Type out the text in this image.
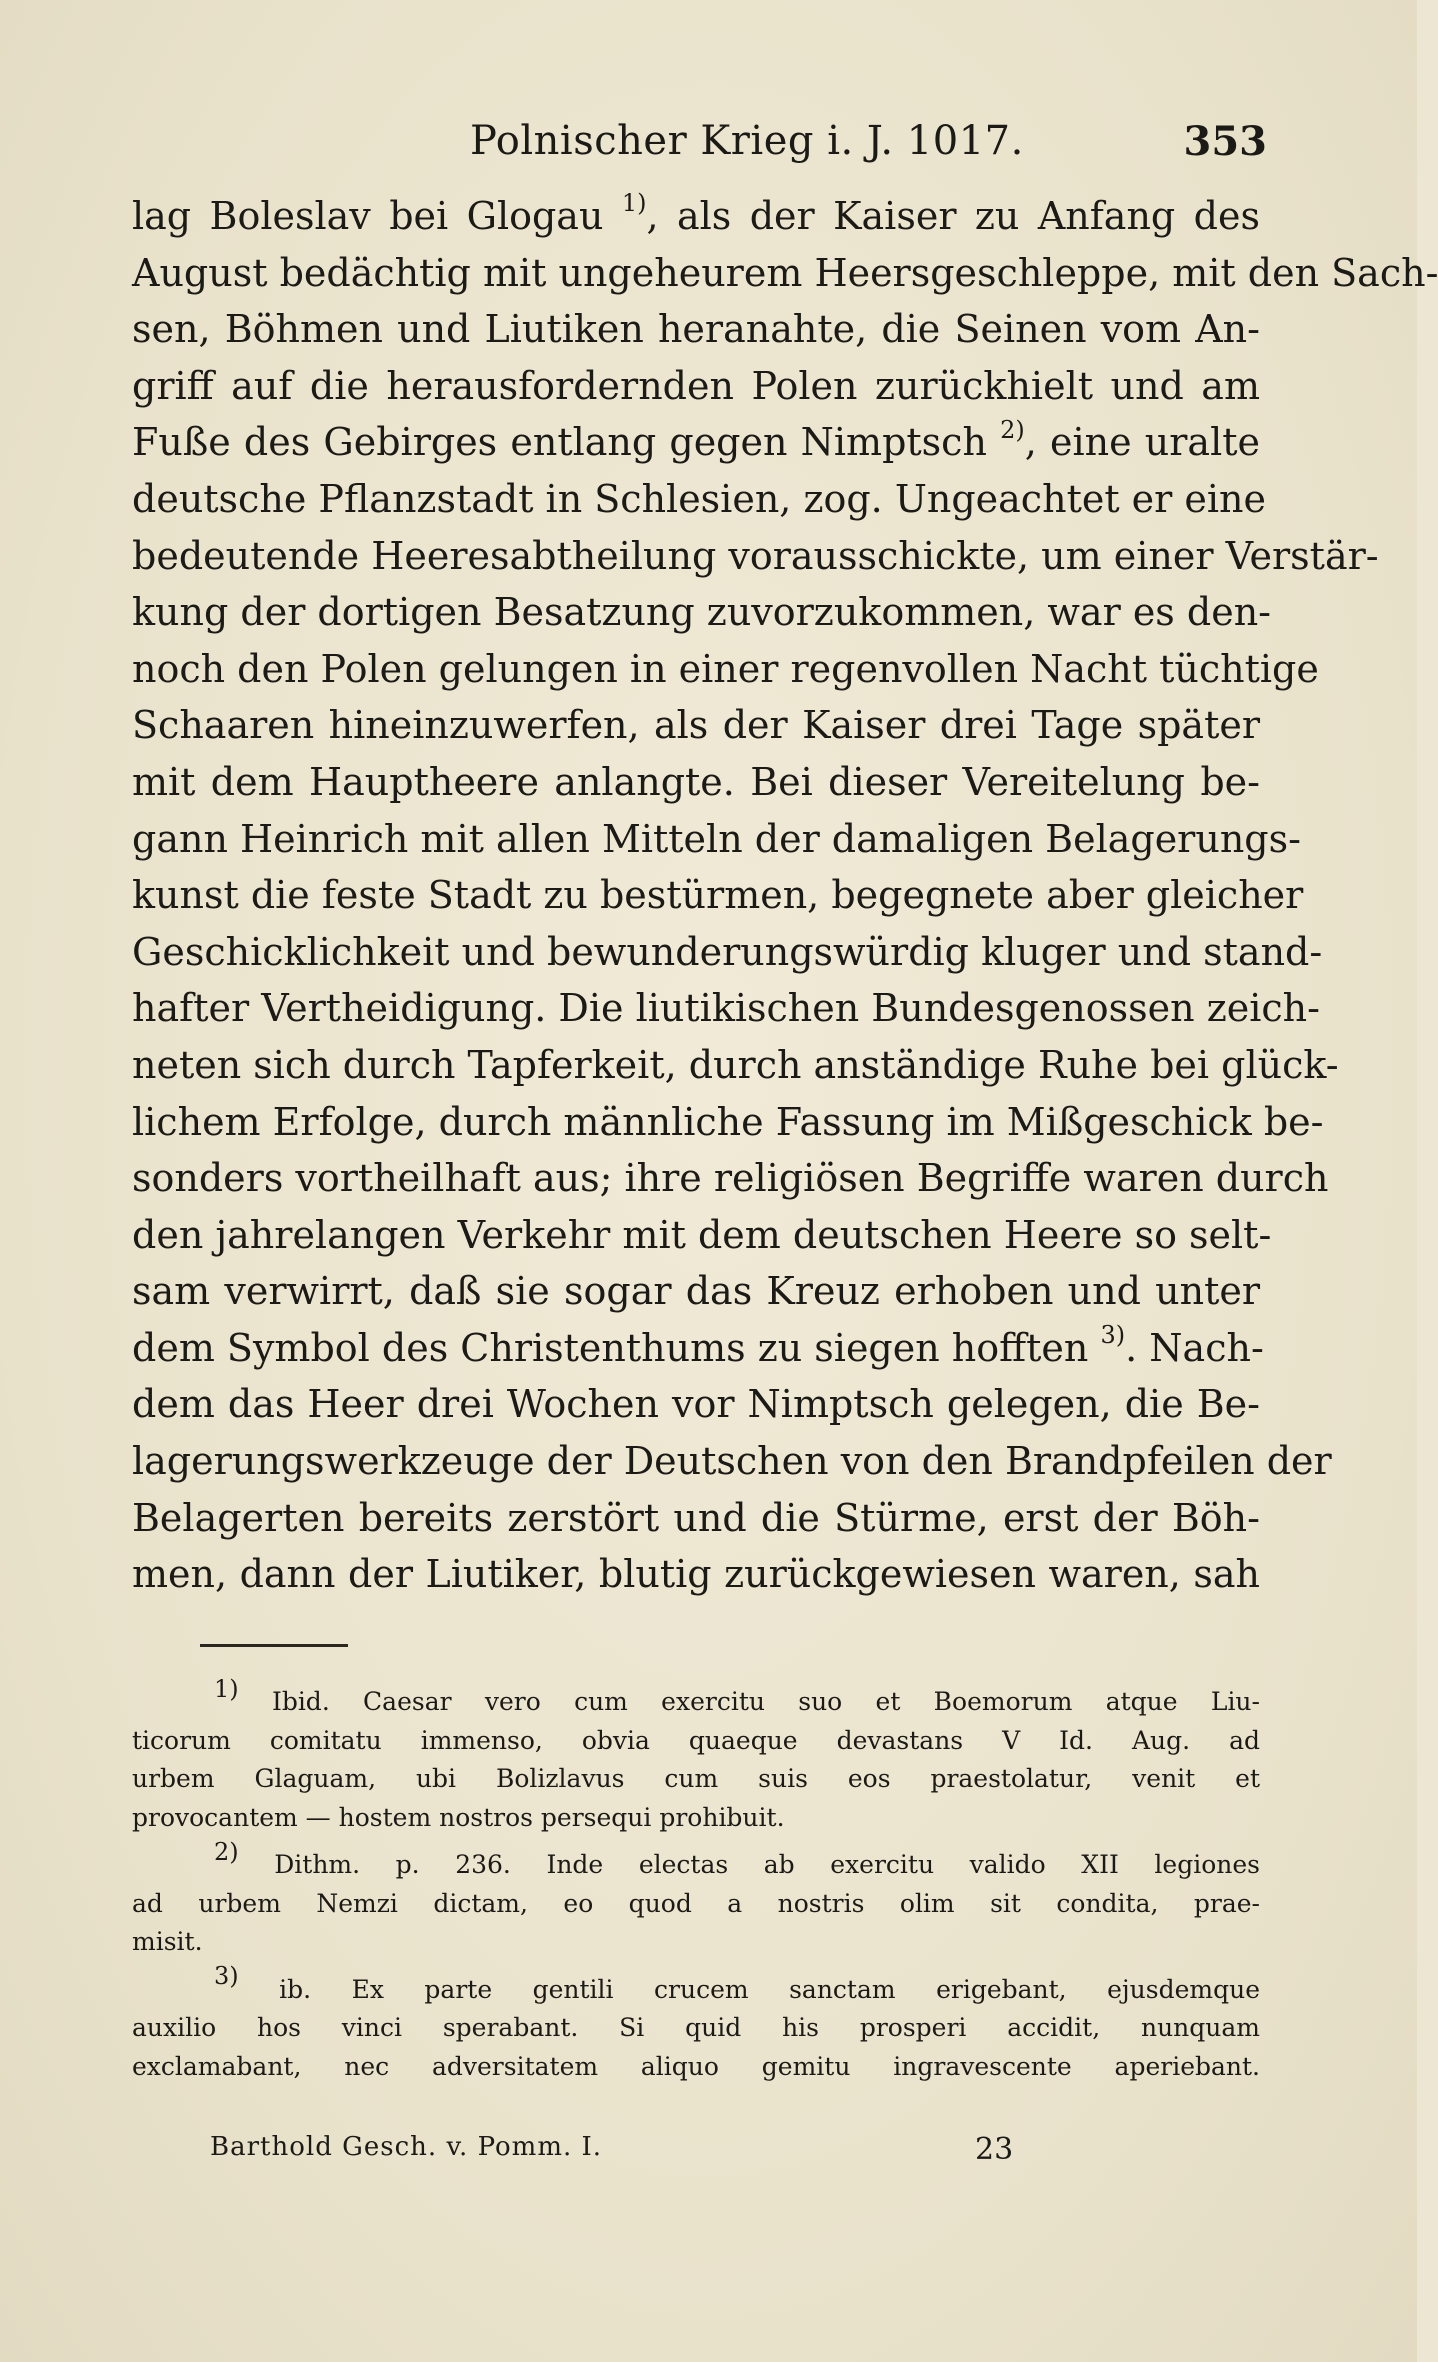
Polnischer Krieg i. J. 1017.	353
lag Boleslav bei Glogau $^{1)}$, als der Kaiser zu Anfang des
August bedächtig mit ungeheurem Heersgeschleppe, mit den Sach-
sen, Böhmen und Liutiken heranahte, die Seinen vom An-
griff auf die herausfordernden Polen zurückhielt und am
Fuße des Gebirges entlang gegen Nimptsch $^{2)}$, eine uralte
deutsche Pflanzstadt in Schlesien, zog. Ungeachtet er eine
bedeutende Heeresabtheilung vorausschickte, um einer Verstär-
kung der dortigen Besatzung zuvorzukommen, war es den-
noch den Polen gelungen in einer regenvollen Nacht tüchtige
Schaaren hineinzuwerfen, als der Kaiser drei Tage später
mit dem Hauptheere anlangte. Bei dieser Vereitelung be-
gann Heinrich mit allen Mitteln der damaligen Belagerungs-
kunst die feste Stadt zu bestürmen, begegnete aber gleicher
Geschicklichkeit und bewunderungswürdig kluger und stand-
hafter Vertheidigung. Die liutikischen Bundesgenossen zeich-
neten sich durch Tapferkeit, durch anständige Ruhe bei glück-
lichem Erfolge, durch männliche Fassung im Mißgeschick be-
sonders vortheilhaft aus; ihre religiösen Begriffe waren durch
den jahrelangen Verkehr mit dem deutschen Heere so selt-
sam verwirrt, daß sie sogar das Kreuz erhoben und unter
dem Symbol des Christenthums zu siegen hofften $^{3)}$. Nach-
dem das Heer drei Wochen vor Nimptsch gelegen, die Be-
lagerungswerkzeuge der Deutschen von den Brandpfeilen der
Belagerten bereits zerstört und die Stürme, erst der Böh-
men, dann der Liutiker, blutig zurückgewiesen waren, sah
$^{1)}$ Ibid. Caesar vero cum exercitu suo et Boemorum atque Liu-
ticorum comitatu immenso, obvia quaeque devastans V Id. Aug. ad
urbem Glaguam, ubi Bolizlavus cum suis eos praestolatur, venit et
provocantem — hostem nostros persequi prohibuit.
$^{2)}$ Dithm. p. 236. Inde electas ab exercitu valido XII legiones
ad urbem Nemzi dictam, eo quod a nostris olim sit condita, prae-
misit.
$^{3)}$ ib. Ex parte gentili crucem sanctam erigebant, ejusdemque
auxilio hos vinci sperabant. Si quid his prosperi accidit, nunquam
exclamabant, nec adversitatem aliquo gemitu ingravescente aperiebant.
Barthold Gesch. v. Pomm. I.	23
